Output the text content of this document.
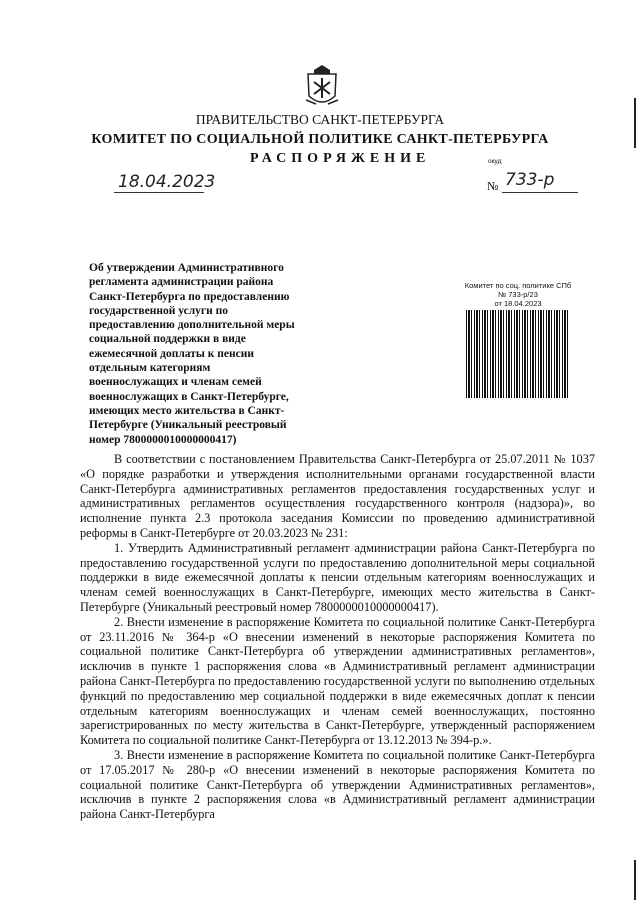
ПРАВИТЕЛЬСТВО САНКТ-ПЕТЕРБУРГА
КОМИТЕТ ПО СОЦИАЛЬНОЙ ПОЛИТИКЕ САНКТ-ПЕТЕРБУРГА
РАСПОРЯЖЕНИЕ	окуд
18.04.2023	№ 733-р
Об утверждении Административного регламента администрации района Санкт-Петербурга по предоставлению государственной услуги по предоставлению дополнительной меры социальной поддержки в виде ежемесячной доплаты к пенсии отдельным категориям военнослужащих и членам семей военнослужащих в Санкт-Петербурге, имеющих место жительства в Санкт-Петербурге (Уникальный реестровый номер 7800000010000000417)
Комитет по соц. политике СПб
№ 733-р/23
от 18.04.2023

В соответствии с постановлением Правительства Санкт-Петербурга от 25.07.2011 № 1037 «О порядке разработки и утверждения исполнительными органами государственной власти Санкт-Петербурга административных регламентов предоставления государственных услуг и административных регламентов осуществления государственного контроля (надзора)», во исполнение пункта 2.3 протокола заседания Комиссии по проведению административной реформы в Санкт-Петербурге от 20.03.2023 № 231:

1. Утвердить Административный регламент администрации района Санкт-Петербурга по предоставлению государственной услуги по предоставлению дополнительной меры социальной поддержки в виде ежемесячной доплаты к пенсии отдельным категориям военнослужащих и членам семей военнослужащих в Санкт-Петербурге, имеющих место жительства в Санкт-Петербурге (Уникальный реестровый номер 7800000010000000417).

2. Внести изменение в распоряжение Комитета по социальной политике Санкт-Петербурга от 23.11.2016 № 364-р «О внесении изменений в некоторые распоряжения Комитета по социальной политике Санкт-Петербурга об утверждении административных регламентов», исключив в пункте 1 распоряжения слова «в Административный регламент администрации района Санкт-Петербурга по предоставлению государственной услуги по выполнению отдельных функций по предоставлению мер социальной поддержки в виде ежемесячных доплат к пенсии отдельным категориям военнослужащих и членам семей военнослужащих, постоянно зарегистрированных по месту жительства в Санкт-Петербурге, утвержденный распоряжением Комитета по социальной политике Санкт-Петербурга от 13.12.2013 № 394-р.».

3. Внести изменение в распоряжение Комитета по социальной политике Санкт-Петербурга от 17.05.2017 № 280-р «О внесении изменений в некоторые распоряжения Комитета по социальной политике Санкт-Петербурга об утверждении Административных регламентов», исключив в пункте 2 распоряжения слова «в Административный регламент администрации района Санкт-Петербурга
